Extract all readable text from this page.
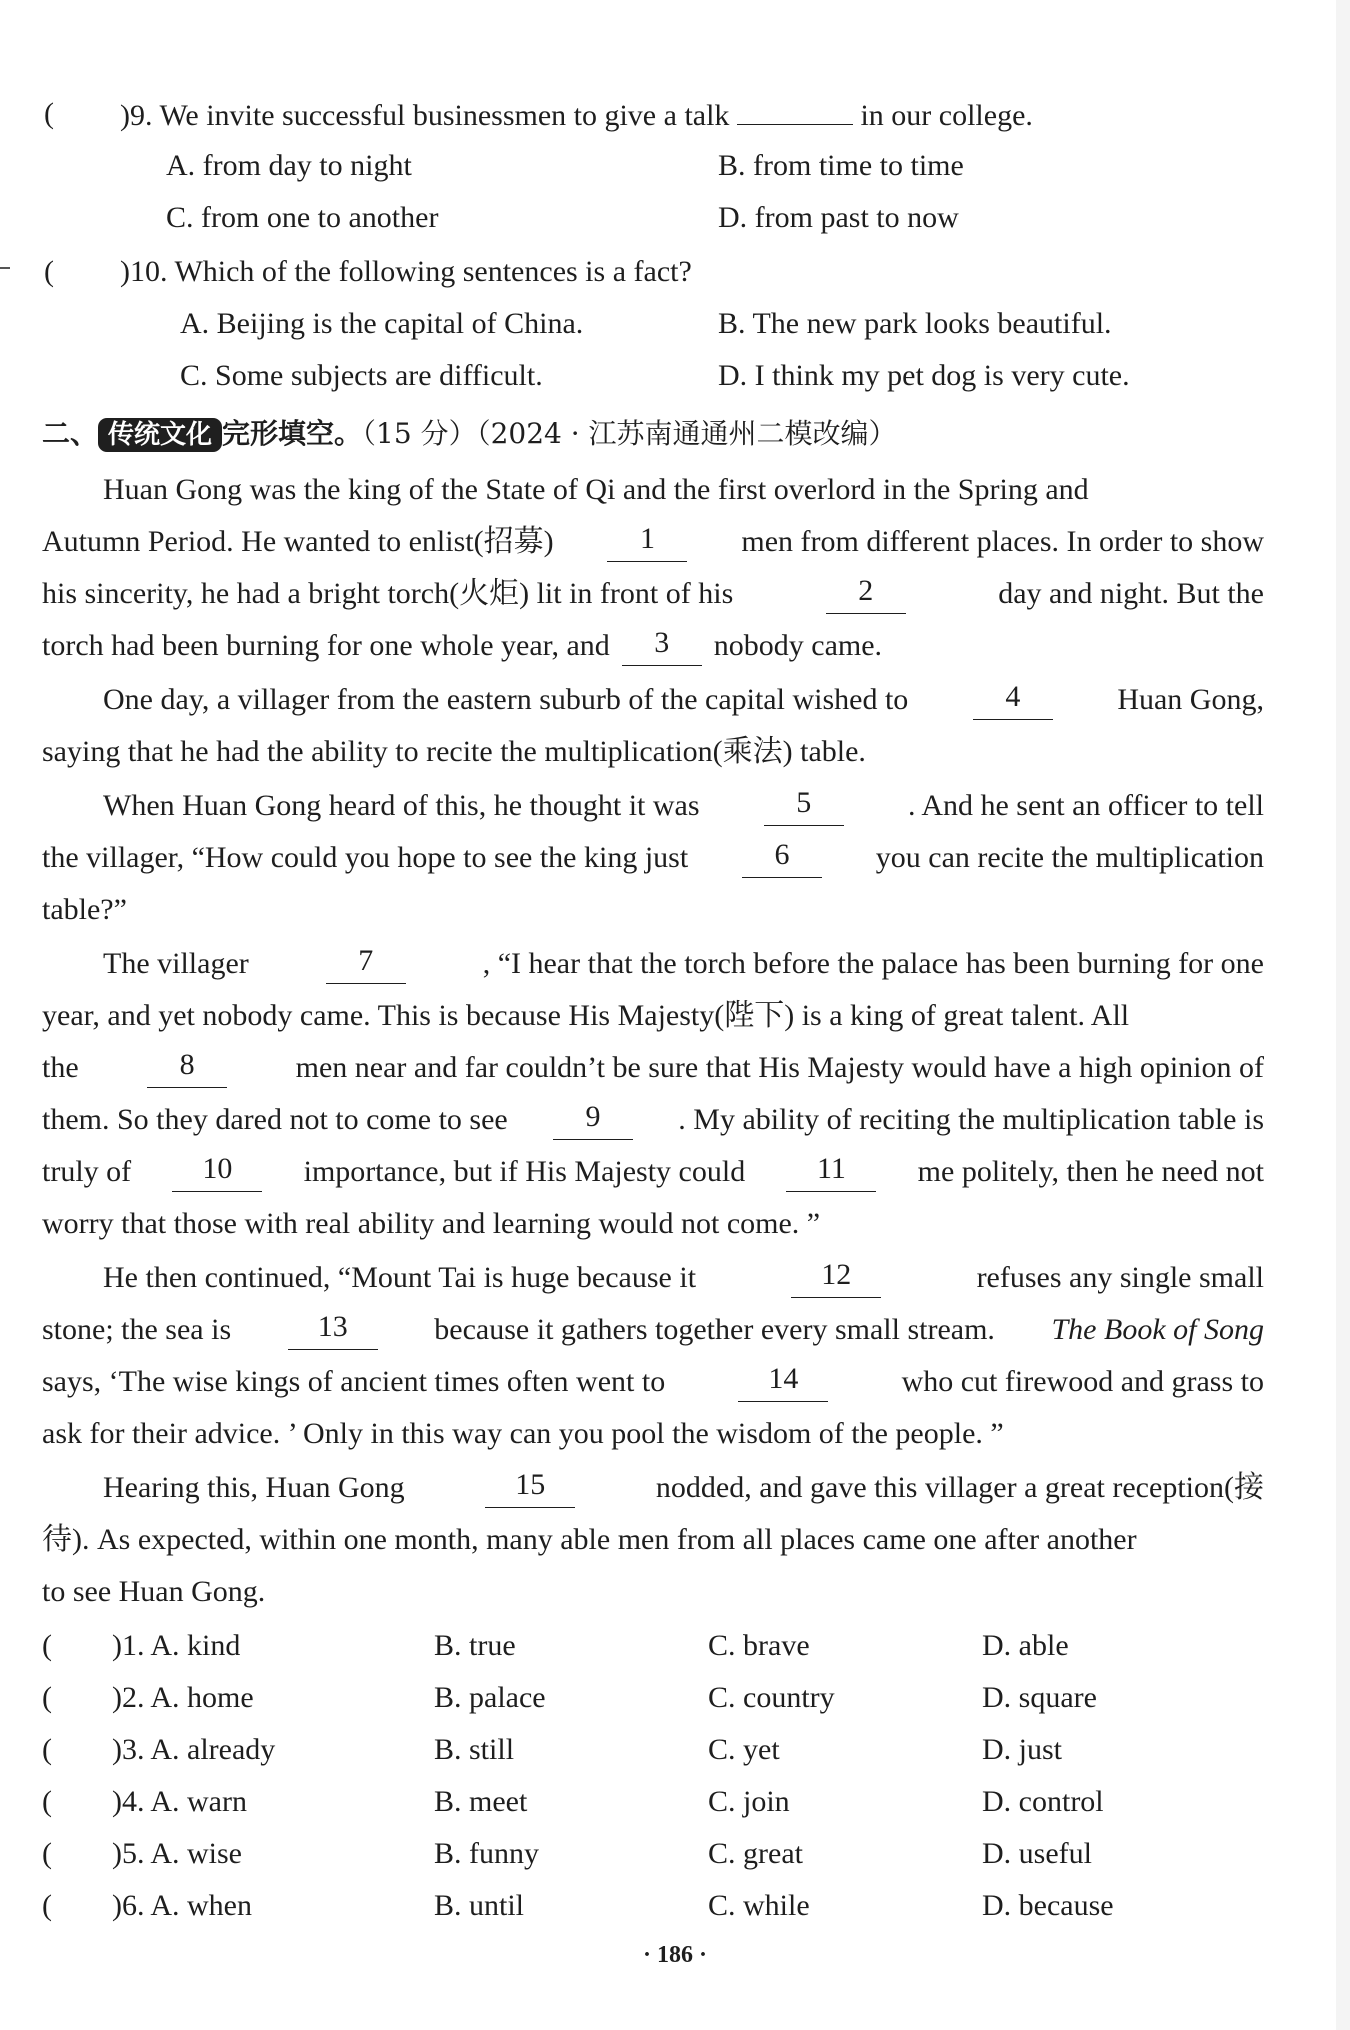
( )9. We invite successful businessmen to give a talk	in our college.
A. from day to night	B. from time to time
C. from one to another	D. from past to now
( )10. Which of the following sentences is a fact?
A. Beijing is the capital of China.	B. The new park looks beautiful.
C. Some subjects are difficult.	D. I think my pet dog is very cute.
二、 传统文化 完形填空。（15 分）（2024 · 江苏南通通州二模改编）
Huan Gong was the king of the State of Qi and the first overlord in the Spring and
Autumn Period. He wanted to enlist(招募)	1	men from different places. In order to show
his sincerity, he had a bright torch(火炬) lit in front of his	2	day and night. But the
torch had been burning for one whole year, and	3	nobody came.
One day, a villager from the eastern suburb of the capital wished to	4	Huan Gong,
saying that he had the ability to recite the multiplication(乘法) table.
When Huan Gong heard of this, he thought it was	5	. And he sent an officer to tell
the villager, “How could you hope to see the king just	6	you can recite the multiplication
table?”
The villager	7	, “I hear that the torch before the palace has been burning for one
year, and yet nobody came. This is because His Majesty(陛下) is a king of great talent. All
the	8	men near and far couldn’t be sure that His Majesty would have a high opinion of
them. So they dared not to come to see	9	. My ability of reciting the multiplication table is
truly of	10	importance, but if His Majesty could	11	me politely, then he need not
worry that those with real ability and learning would not come. ”
He then continued, “Mount Tai is huge because it	12	refuses any single small
stone; the sea is	13	because it gathers together every small stream. The Book of Song
says, ‘The wise kings of ancient times often went to	14	who cut firewood and grass to
ask for their advice. ’ Only in this way can you pool the wisdom of the people. ”
Hearing this, Huan Gong	15	nodded, and gave this villager a great reception(接
待). As expected, within one month, many able men from all places came one after another
to see Huan Gong.
( )1. A. kind	B. true	C. brave	D. able
( )2. A. home	B. palace	C. country	D. square
( )3. A. already	B. still	C. yet	D. just
( )4. A. warn	B. meet	C. join	D. control
( )5. A. wise	B. funny	C. great	D. useful
( )6. A. when	B. until	C. while	D. because
· 186 ·
